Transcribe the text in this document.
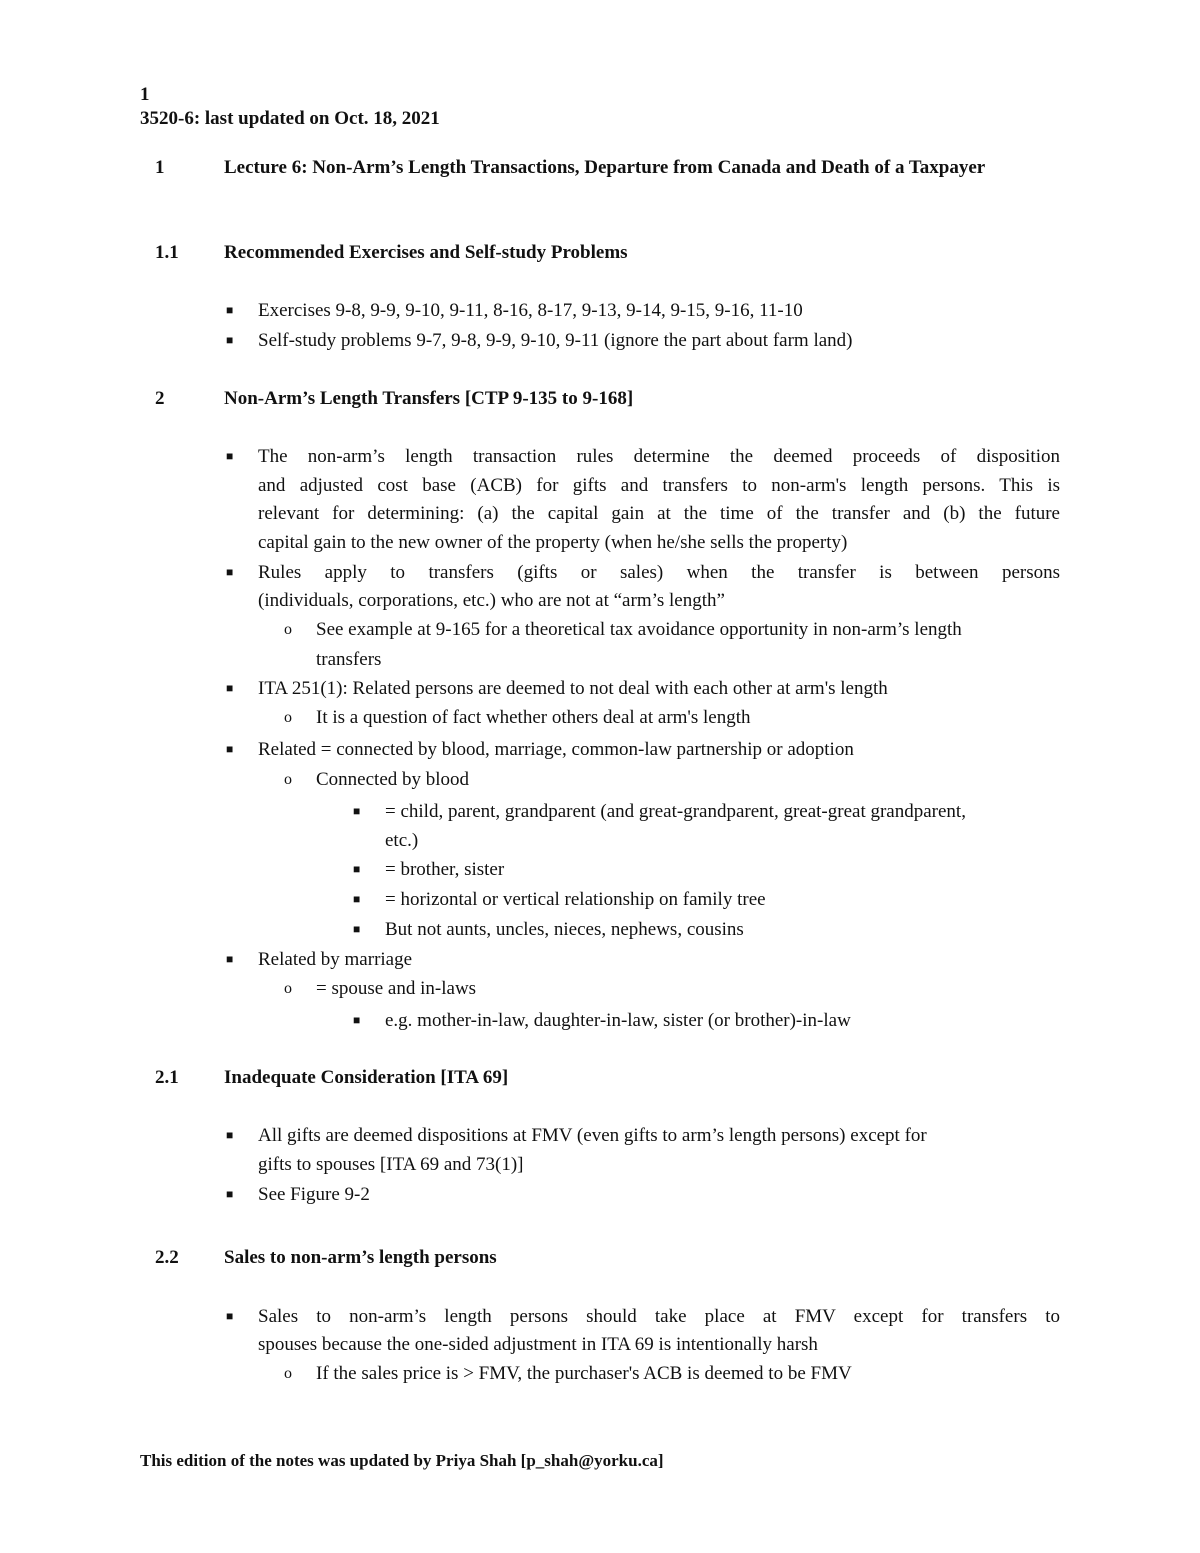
1
3520-6: last updated on Oct. 18, 2021
1	Lecture 6: Non-Arm’s Length Transactions, Departure from Canada and Death of a Taxpayer
1.1 Recommended Exercises and Self-study Problems
■ Exercises 9-8, 9-9, 9-10, 9-11, 8-16, 8-17, 9-13, 9-14, 9-15, 9-16, 11-10
■ Self-study problems 9-7, 9-8, 9-9, 9-10, 9-11 (ignore the part about farm land)
2	Non-Arm’s Length Transfers [CTP 9-135 to 9-168]
■ The non-arm’s length transaction rules determine the deemed proceeds of disposition
and adjusted cost base (ACB) for gifts and transfers to non-arm's length persons. This is
relevant for determining: (a) the capital gain at the time of the transfer and (b) the future
capital gain to the new owner of the property (when he/she sells the property)
■ Rules apply to transfers (gifts or sales) when the transfer is between persons
(individuals, corporations, etc.) who are not at “arm’s length”
o See example at 9-165 for a theoretical tax avoidance opportunity in non-arm’s length
transfers
■ ITA 251(1): Related persons are deemed to not deal with each other at arm's length
o It is a question of fact whether others deal at arm's length
■ Related = connected by blood, marriage, common-law partnership or adoption
o Connected by blood
■ = child, parent, grandparent (and great-grandparent, great-great grandparent,
etc.)
■ = brother, sister
■ = horizontal or vertical relationship on family tree
■ But not aunts, uncles, nieces, nephews, cousins
■ Related by marriage
o = spouse and in-laws
■ e.g. mother-in-law, daughter-in-law, sister (or brother)-in-law
2.1 Inadequate Consideration [ITA 69]
■ All gifts are deemed dispositions at FMV (even gifts to arm’s length persons) except for
gifts to spouses [ITA 69 and 73(1)]
■ See Figure 9-2
2.2 Sales to non-arm’s length persons
■ Sales to non-arm’s length persons should take place at FMV except for transfers to
spouses because the one-sided adjustment in ITA 69 is intentionally harsh
o If the sales price is > FMV, the purchaser's ACB is deemed to be FMV
This edition of the notes was updated by Priya Shah [p_shah@yorku.ca]
